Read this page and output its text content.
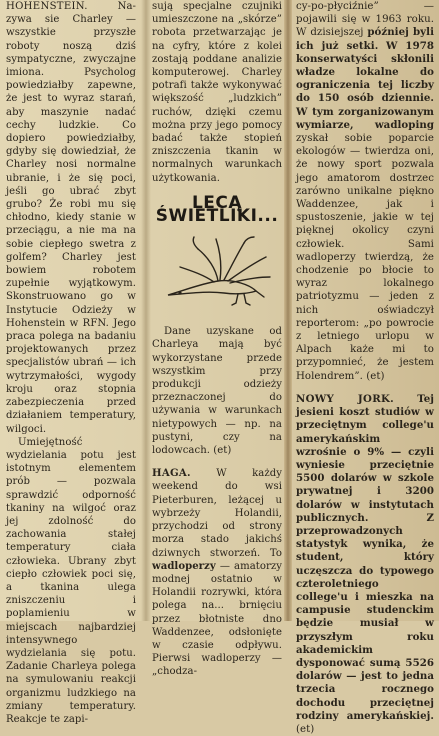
HOHENSTEIN.	Na- zywa sie Charley — wszystkie przyszłe roboty noszą dziś sympatyczne, zwyczajne imiona. Psycholog powiedziałby zapewne, że jest to wyraz starań, aby maszynie nadać cechy ludzkie. Co dopiero powiedziałby, gdyby się dowiedział, że Charley nosi normalne ubranie, i że się poci, jeśli go ubrać zbyt grubo? Że robi mu się chłodno, kiedy stanie w przeciągu, a nie ma na sobie ciepłego swetra z golfem? Charley jest bowiem robotem zupełnie wyjątkowym. Skonstruowano go w Instytucie Odzieży w Hohenstein w RFN. Jego praca polega na badaniu projektowanych przez specjalistów ubrań — ich wytrzymałości, wygody kroju oraz stopnia zabezpieczenia przed działaniem temperatury, wilgoci.

Umiejętność wydzielania potu jest istotnym elementem prób — pozwala sprawdzić odporność tkaniny na wilgoć oraz jej zdolność do zachowania stałej temperatury ciała człowieka. Ubrany zbyt ciepło człowiek poci się, a tkanina ulega zniszczeniu i poplamieniu w miejscach najbardziej intensywnego wydzielania się potu. Zadanie Charleya polega na symulowaniu reakcji organizmu ludzkiego na zmiany temperatury. Reakcje te zapi-

sują specjalne czujniki umieszczone na „skórze” robota przetwarzając je na cyfry, które z kolei zostają poddane analizie komputerowej. Charley potrafi także wykonywać większość „ludzkich” ruchów, dzięki czemu można przy jego pomocy badać także stopień zniszczenia tkanin w normalnych warunkach użytkowania.

LECĄ ŚWIETLIKI...

Dane uzyskane od Charleya mają być wykorzystane przede wszystkim przy produkcji odzieży przeznaczonej do używania w warunkach nietypowych — np. na pustyni, czy na lodowcach. (et)

HAGA.	W każdy weekend do wsi Pieterburen, leżącej u wybrzeży Holandii, przychodzi od strony morza stado jakichś dziwnych stworzeń. To wadloperzy — amatorzy modnej ostatnio w Holandii rozrywki, która polega na... brnięciu przez błotniste dno Waddenzee, odsłonięte w czasie odpływu. Pierwsi wadloperzy — „chodza-

cy-po-płyciźnie” — pojawili się w 1963 roku. W dzisiejszej później byli ich już setki. W 1978 konserwatyści skłonili władze lokalne do ograniczenia tej liczby do 150 osób dziennie. W tym zorganizowanym wymiarze, wadloping zyskał sobie poparcie ekologów — twierdza oni, że nowy sport pozwala jego amatorom dostrzec zarówno unikalne piękno Waddenzee, jak i spustoszenie, jakie w tej pięknej okolicy czyni człowiek. Sami wadloperzy twierdzą, że chodzenie po błocie to wyraz lokalnego patriotyzmu — jeden z nich oświadczył reporterom: „po powrocie z letniego urlopu w Alpach każe mi to przypomnieć, że jestem Holendrem”. (et)

NOWY JORK. Tej jesieni koszt studiów w przeciętnym college'u amerykańskim wzrośnie o 9% — czyli wyniesie przeciętnie 5500 dolarów w szkole prywatnej i 3200 dolarów w instytutach publicznych. Z przeprowadzonych statystyk wynika, że student, który uczęszcza do typowego czteroletniego college'u i mieszka na campusie studenckim będzie musiał w przyszłym roku akademickim dysponować sumą 5526 dolarów — jest to jedna trzecia rocznego dochodu przeciętnej rodziny amerykańskiej. (et)
